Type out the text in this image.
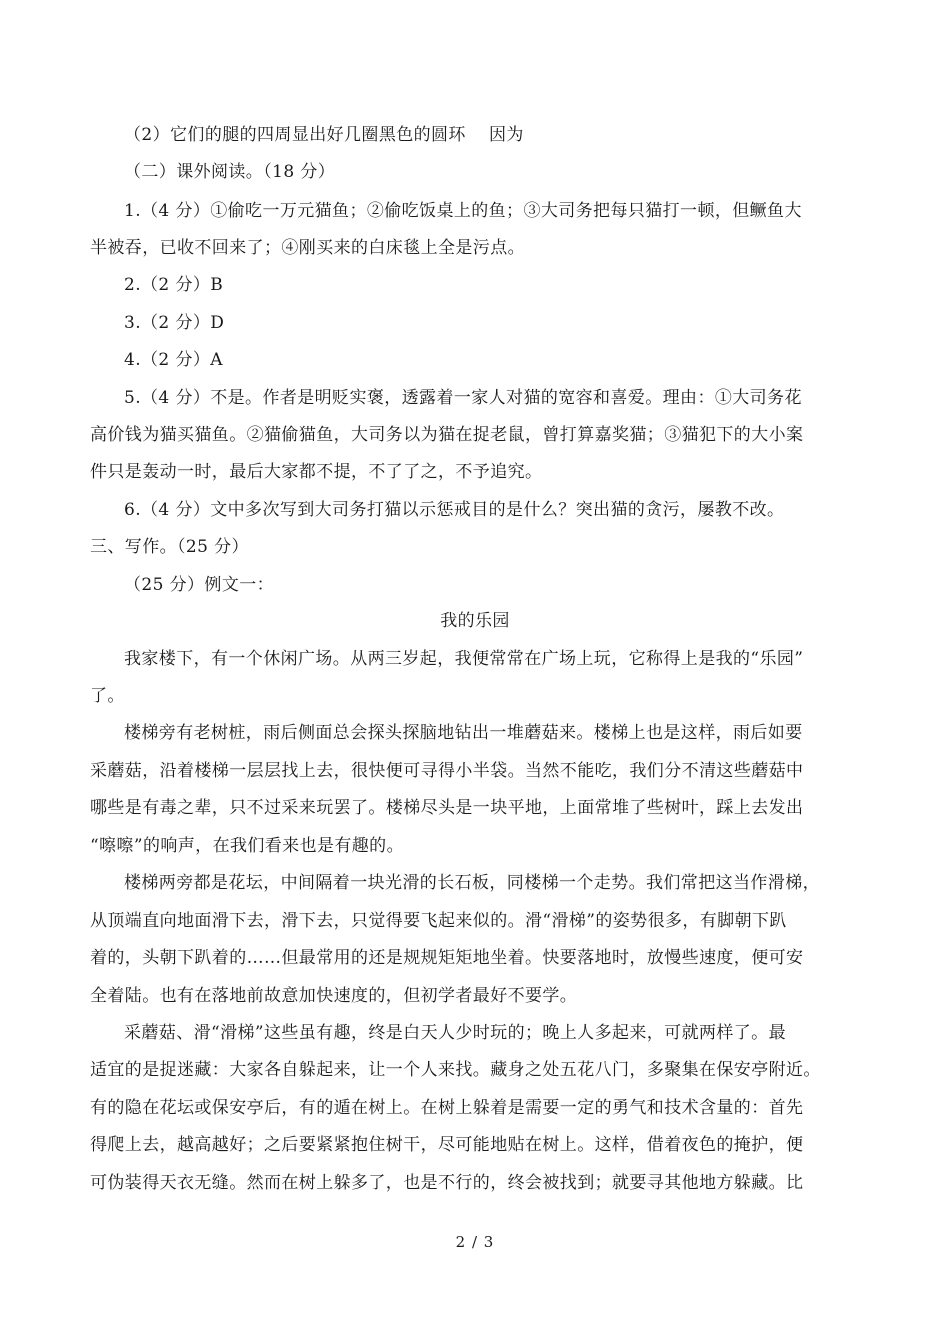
（2）它们的腿的四周显出好几圈黑色的圆环　 因为
（二）课外阅读。（18 分）
1.（4 分）①偷吃一万元猫鱼；②偷吃饭桌上的鱼；③大司务把每只猫打一顿，但鳜鱼大
半被吞，已收不回来了；④刚买来的白床毯上全是污点。
2.（2 分）B
3.（2 分）D
4.（2 分）A
5.（4 分）不是。作者是明贬实褒，透露着一家人对猫的宽容和喜爱。理由：①大司务花
高价钱为猫买猫鱼。②猫偷猫鱼，大司务以为猫在捉老鼠，曾打算嘉奖猫；③猫犯下的大小案
件只是轰动一时，最后大家都不提，不了了之，不予追究。
6.（4 分）文中多次写到大司务打猫以示惩戒目的是什么？突出猫的贪污，屡教不改。
三、写作。（25 分）
（25 分）例文一：
我的乐园
我家楼下，有一个休闲广场。从两三岁起，我便常常在广场上玩，它称得上是我的“乐园”
了。
楼梯旁有老树桩，雨后侧面总会探头探脑地钻出一堆蘑菇来。楼梯上也是这样，雨后如要
采蘑菇，沿着楼梯一层层找上去，很快便可寻得小半袋。当然不能吃，我们分不清这些蘑菇中
哪些是有毒之辈，只不过采来玩罢了。楼梯尽头是一块平地，上面常堆了些树叶，踩上去发出
“嚓嚓”的响声，在我们看来也是有趣的。
楼梯两旁都是花坛，中间隔着一块光滑的长石板，同楼梯一个走势。我们常把这当作滑梯，
从顶端直向地面滑下去，滑下去，只觉得要飞起来似的。滑“滑梯”的姿势很多，有脚朝下趴
着的，头朝下趴着的……但最常用的还是规规矩矩地坐着。快要落地时，放慢些速度，便可安
全着陆。也有在落地前故意加快速度的，但初学者最好不要学。
采蘑菇、滑“滑梯”这些虽有趣，终是白天人少时玩的；晚上人多起来，可就两样了。最
适宜的是捉迷藏：大家各自躲起来，让一个人来找。藏身之处五花八门，多聚集在保安亭附近。
有的隐在花坛或保安亭后，有的遁在树上。在树上躲着是需要一定的勇气和技术含量的：首先
得爬上去，越高越好；之后要紧紧抱住树干，尽可能地贴在树上。这样，借着夜色的掩护，便
可伪装得天衣无缝。然而在树上躲多了，也是不行的，终会被找到；就要寻其他地方躲藏。比
2 / 3
